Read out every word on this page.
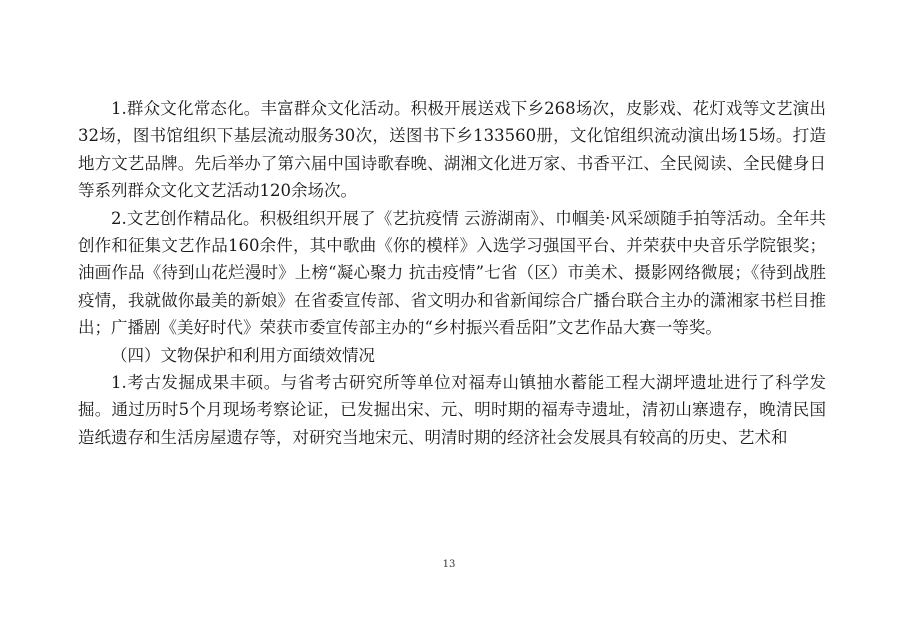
1.群众文化常态化。丰富群众文化活动。积极开展送戏下乡268场次，皮影戏、花灯戏等文艺演出32场，图书馆组织下基层流动服务30次，送图书下乡133560册，文化馆组织流动演出场15场。打造地方文艺品牌。先后举办了第六届中国诗歌春晚、湖湘文化进万家、书香平江、全民阅读、全民健身日等系列群众文化文艺活动120余场次。

2.文艺创作精品化。积极组织开展了《艺抗疫情 云游湖南》、巾帼美·风采颂随手拍等活动。全年共创作和征集文艺作品160余件，其中歌曲《你的模样》入选学习强国平台、并荣获中央音乐学院银奖；油画作品《待到山花烂漫时》上榜“凝心聚力 抗击疫情”七省（区）市美术、摄影网络微展；《待到战胜疫情，我就做你最美的新娘》在省委宣传部、省文明办和省新闻综合广播台联合主办的潇湘家书栏目推出；广播剧《美好时代》荣获市委宣传部主办的“乡村振兴看岳阳”文艺作品大赛一等奖。

（四）文物保护和利用方面绩效情况

1.考古发掘成果丰硕。与省考古研究所等单位对福寿山镇抽水蓄能工程大湖坪遗址进行了科学发掘。通过历时5个月现场考察论证，已发掘出宋、元、明时期的福寿寺遗址，清初山寨遗存，晚清民国造纸遗存和生活房屋遗存等，对研究当地宋元、明清时期的经济社会发展具有较高的历史、艺术和

13
